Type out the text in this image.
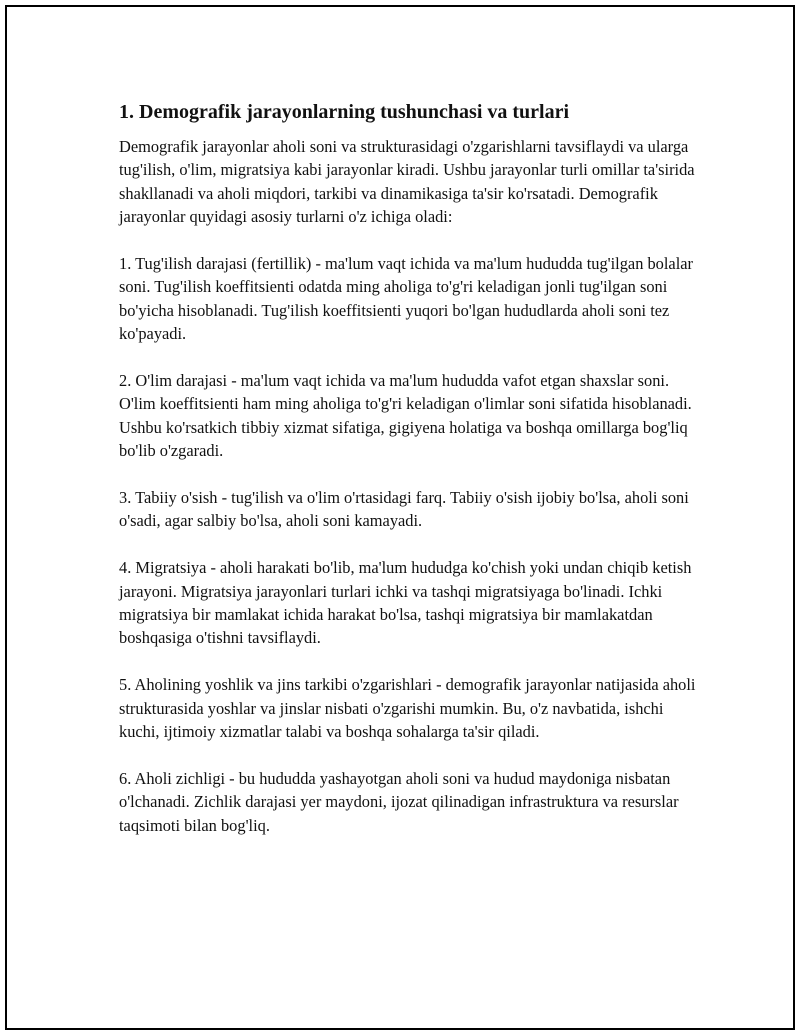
1. Demografik jarayonlarning tushunchasi va turlari

Demografik jarayonlar aholi soni va strukturasidagi o'zgarishlarni tavsiflaydi va ularga tug'ilish, o'lim, migratsiya kabi jarayonlar kiradi. Ushbu jarayonlar turli omillar ta'sirida shakllanadi va aholi miqdori, tarkibi va dinamikasiga ta'sir ko'rsatadi. Demografik jarayonlar quyidagi asosiy turlarni o'z ichiga oladi:

1. Tug'ilish darajasi (fertillik) - ma'lum vaqt ichida va ma'lum hududda tug'ilgan bolalar soni. Tug'ilish koeffitsienti odatda ming aholiga to'g'ri keladigan jonli tug'ilgan soni bo'yicha hisoblanadi. Tug'ilish koeffitsienti yuqori bo'lgan hududlarda aholi soni tez ko'payadi.

2. O'lim darajasi - ma'lum vaqt ichida va ma'lum hududda vafot etgan shaxslar soni. O'lim koeffitsienti ham ming aholiga to'g'ri keladigan o'limlar soni sifatida hisoblanadi. Ushbu ko'rsatkich tibbiy xizmat sifatiga, gigiyena holatiga va boshqa omillarga bog'liq bo'lib o'zgaradi.

3. Tabiiy o'sish - tug'ilish va o'lim o'rtasidagi farq. Tabiiy o'sish ijobiy bo'lsa, aholi soni o'sadi, agar salbiy bo'lsa, aholi soni kamayadi.

4. Migratsiya - aholi harakati bo'lib, ma'lum hududga ko'chish yoki undan chiqib ketish jarayoni. Migratsiya jarayonlari turlari ichki va tashqi migratsiyaga bo'linadi. Ichki migratsiya bir mamlakat ichida harakat bo'lsa, tashqi migratsiya bir mamlakatdan boshqasiga o'tishni tavsiflaydi.

5. Aholining yoshlik va jins tarkibi o'zgarishlari - demografik jarayonlar natijasida aholi strukturasida yoshlar va jinslar nisbati o'zgarishi mumkin. Bu, o'z navbatida, ishchi kuchi, ijtimoiy xizmatlar talabi va boshqa sohalarga ta'sir qiladi.

6. Aholi zichligi - bu hududda yashayotgan aholi soni va hudud maydoniga nisbatan o'lchanadi. Zichlik darajasi yer maydoni, ijozat qilinadigan infrastruktura va resurslar taqsimoti bilan bog'liq.
